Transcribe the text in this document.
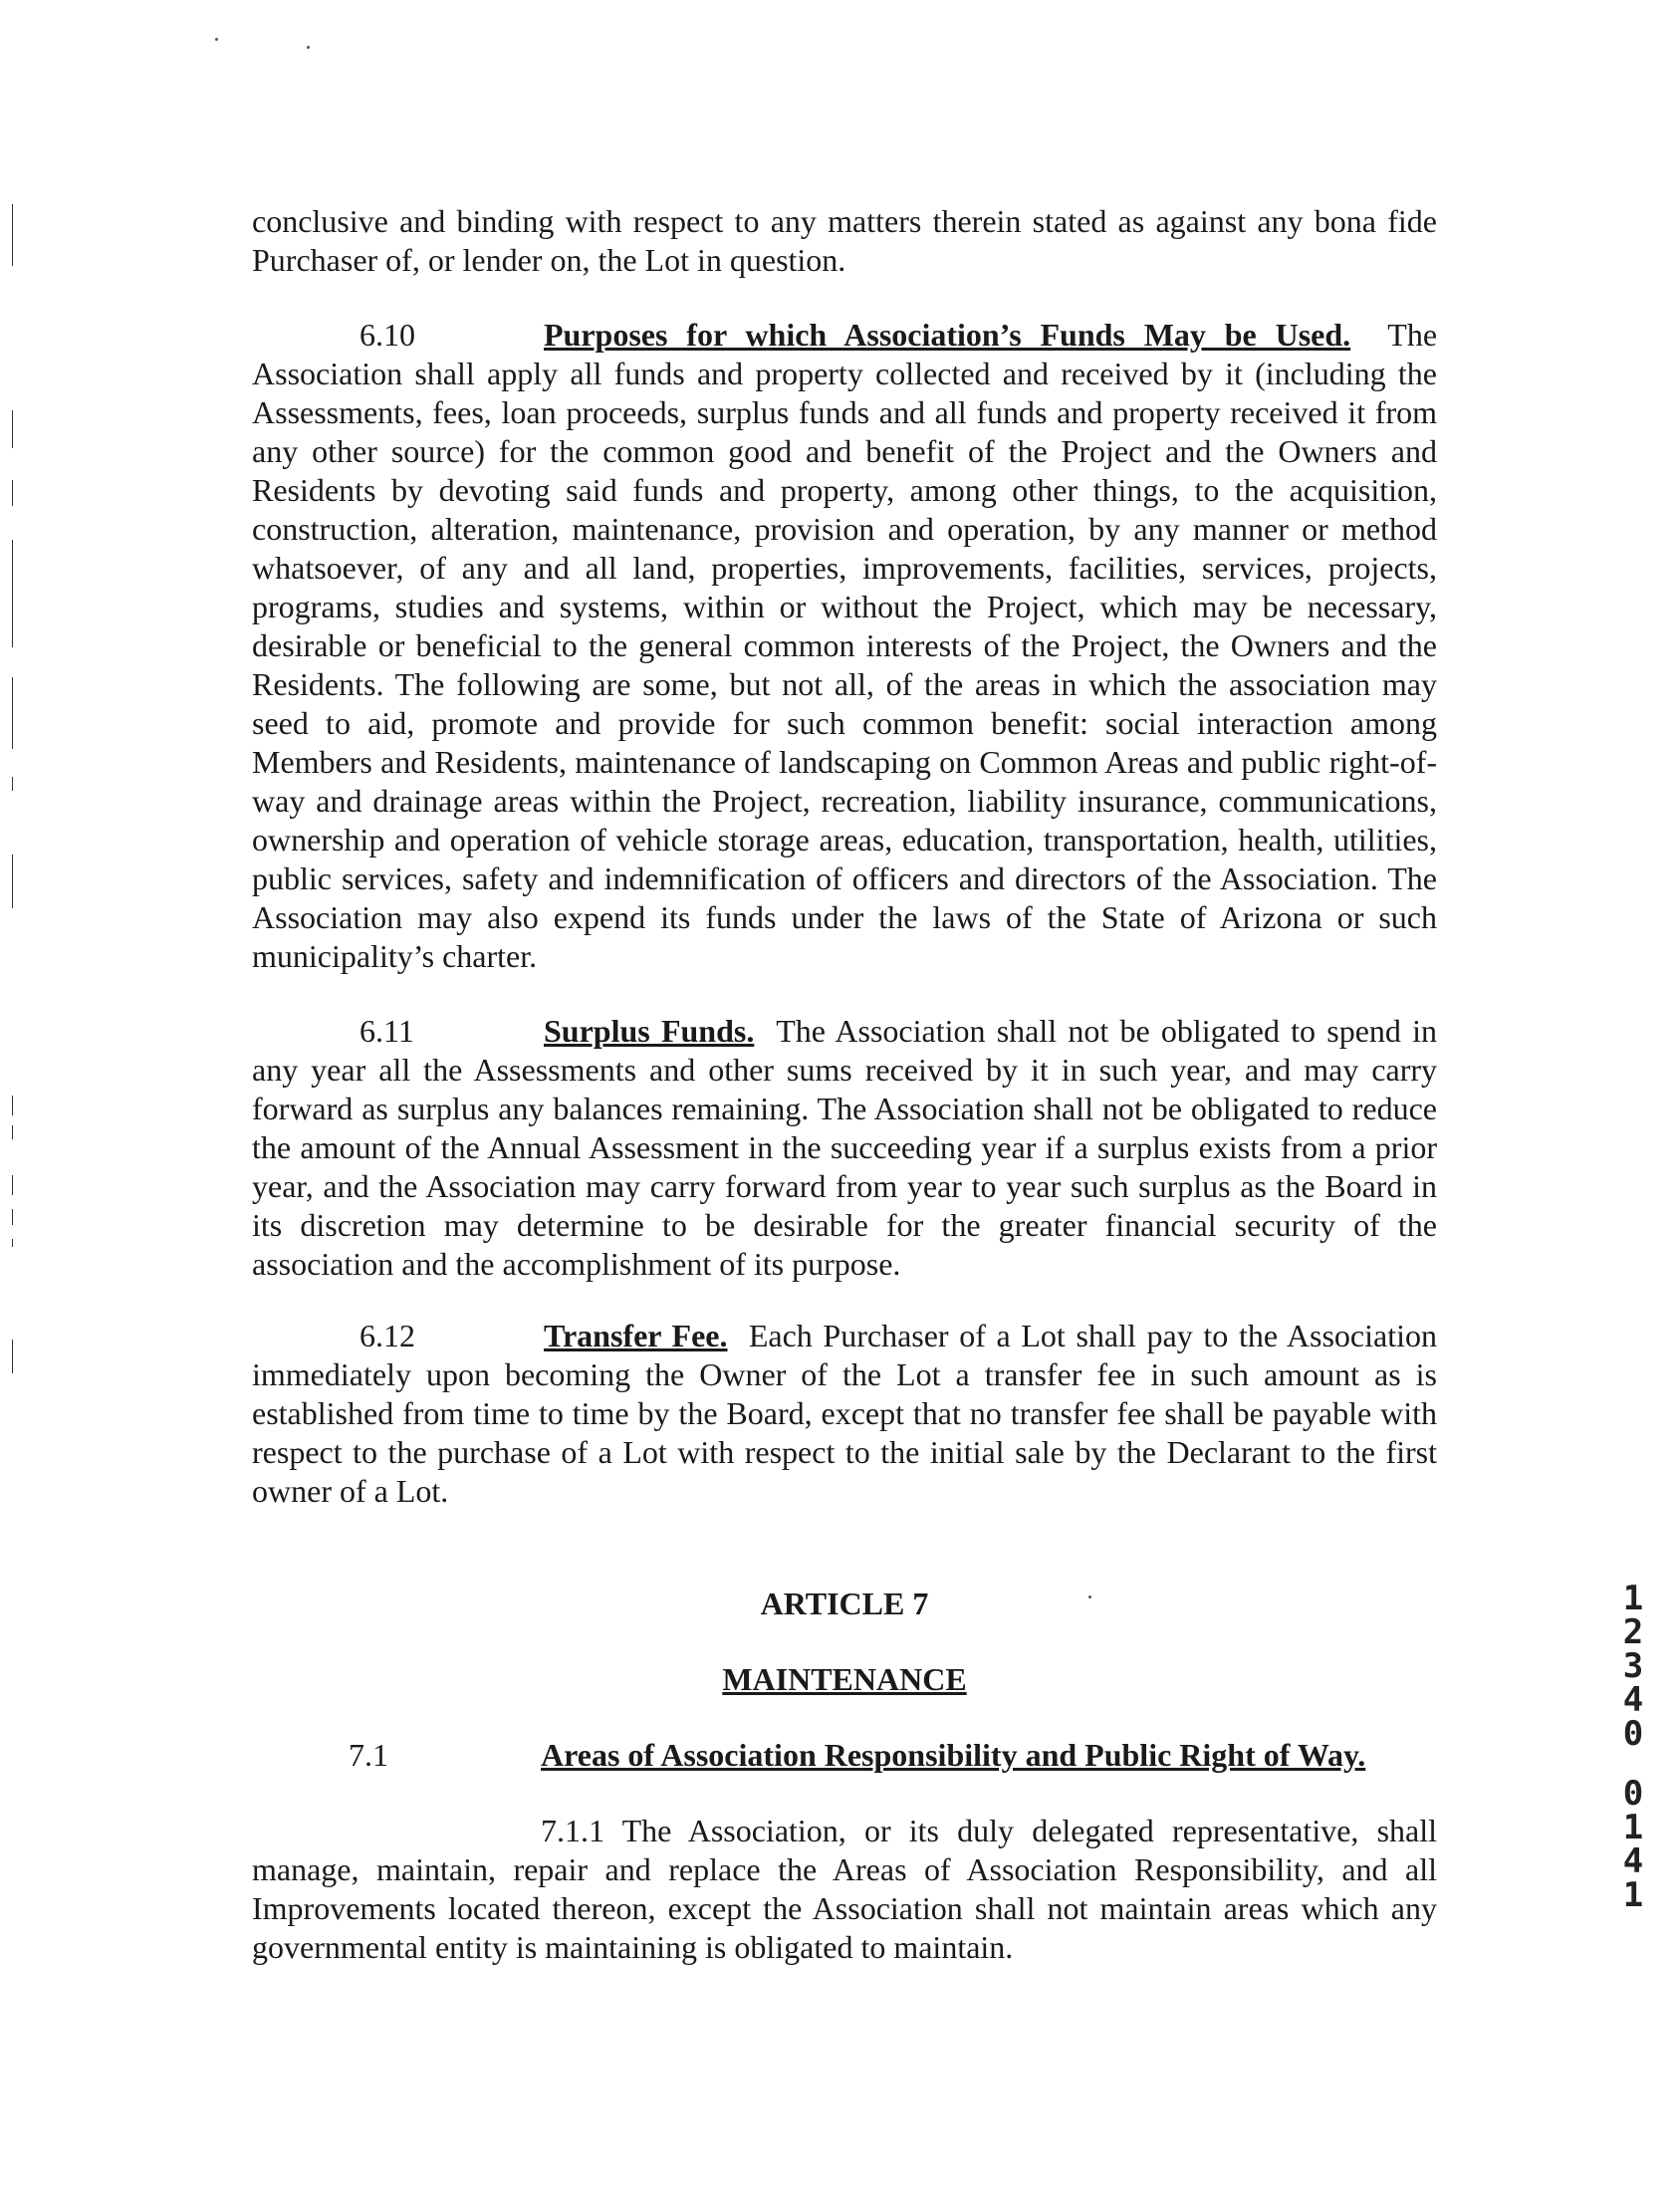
conclusive and binding with respect to any matters therein stated as against any bona fide Purchaser of, or lender on, the Lot in question.

6.10	Purposes for which Association’s Funds May be Used. The Association shall apply all funds and property collected and received by it (including the Assessments, fees, loan proceeds, surplus funds and all funds and property received it from any other source) for the common good and benefit of the Project and the Owners and Residents by devoting said funds and property, among other things, to the acquisition, construction, alteration, maintenance, provision and operation, by any manner or method whatsoever, of any and all land, properties, improvements, facilities, services, projects, programs, studies and systems, within or without the Project, which may be necessary, desirable or beneficial to the general common interests of the Project, the Owners and the Residents. The following are some, but not all, of the areas in which the association may seed to aid, promote and provide for such common benefit: social interaction among Members and Residents, maintenance of landscaping on Common Areas and public right-of-way and drainage areas within the Project, recreation, liability insurance, communications, ownership and operation of vehicle storage areas, education, transportation, health, utilities, public services, safety and indemnification of officers and directors of the Association. The Association may also expend its funds under the laws of the State of Arizona or such municipality’s charter.

6.11	Surplus Funds. The Association shall not be obligated to spend in any year all the Assessments and other sums received by it in such year, and may carry forward as surplus any balances remaining. The Association shall not be obligated to reduce the amount of the Annual Assessment in the succeeding year if a surplus exists from a prior year, and the Association may carry forward from year to year such surplus as the Board in its discretion may determine to be desirable for the greater financial security of the association and the accomplishment of its purpose.

6.12	Transfer Fee. Each Purchaser of a Lot shall pay to the Association immediately upon becoming the Owner of the Lot a transfer fee in such amount as is established from time to time by the Board, except that no transfer fee shall be payable with respect to the purchase of a Lot with respect to the initial sale by the Declarant to the first owner of a Lot.

ARTICLE 7
MAINTENANCE

7.1	Areas of Association Responsibility and Public Right of Way.

7.1.1 The Association, or its duly delegated representative, shall manage, maintain, repair and replace the Areas of Association Responsibility, and all Improvements located thereon, except the Association shall not maintain areas which any governmental entity is maintaining is obligated to maintain.

1
2
3
4
0
0
1
4
1
